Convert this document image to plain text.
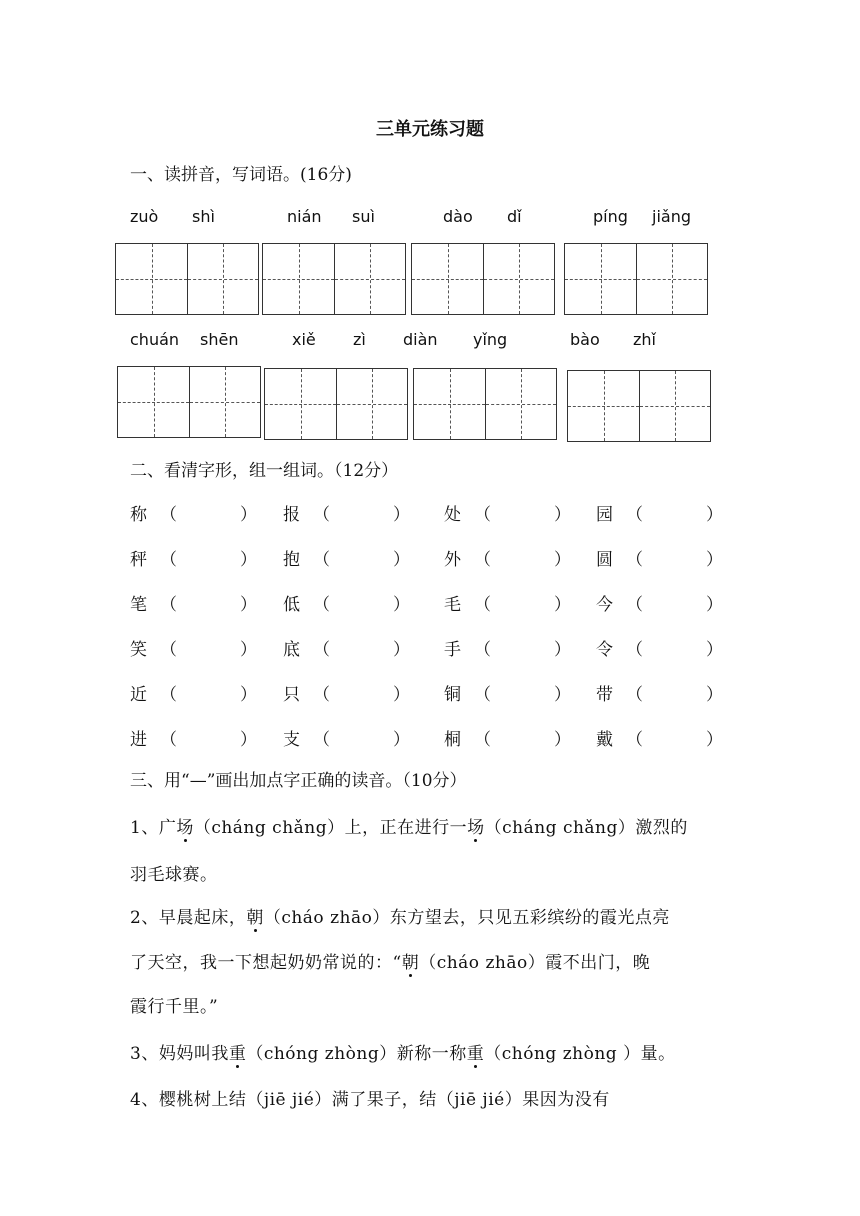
三单元练习题
一、读拼音，写词语。(16分)
zuò shì	nián suì	dào dǐ	píng jiǎng
chuán shēn	xiě zì diàn yǐng	bào zhǐ
二、看清字形，组一组词。（12分）
称 （	） 报 （	） 处 （	） 园 （	）
秤 （	） 抱 （	） 外 （	） 圆 （	）
笔 （	） 低 （	） 毛 （	） 今 （	）
笑 （	） 底 （	） 手 （	） 令 （	）
近 （	） 只 （	） 铜 （	） 带 （	）
进 （	） 支 （	） 桐 （	） 戴 （	）
三、用“—”画出加点字正确的读音。（10分）
1、广场（cháng chǎng）上，正在进行一场（cháng chǎng）激烈的
羽毛球赛。
2、早晨起床，朝（cháo zhāo）东方望去，只见五彩缤纷的霞光点亮
了天空，我一下想起奶奶常说的：“朝（cháo zhāo）霞不出门，晚
霞行千里。”
3、妈妈叫我重（chóng zhòng）新称一称重（chóng zhòng ）量。
4、樱桃树上结（jiē jié）满了果子，结（jiē jié）果因为没有
